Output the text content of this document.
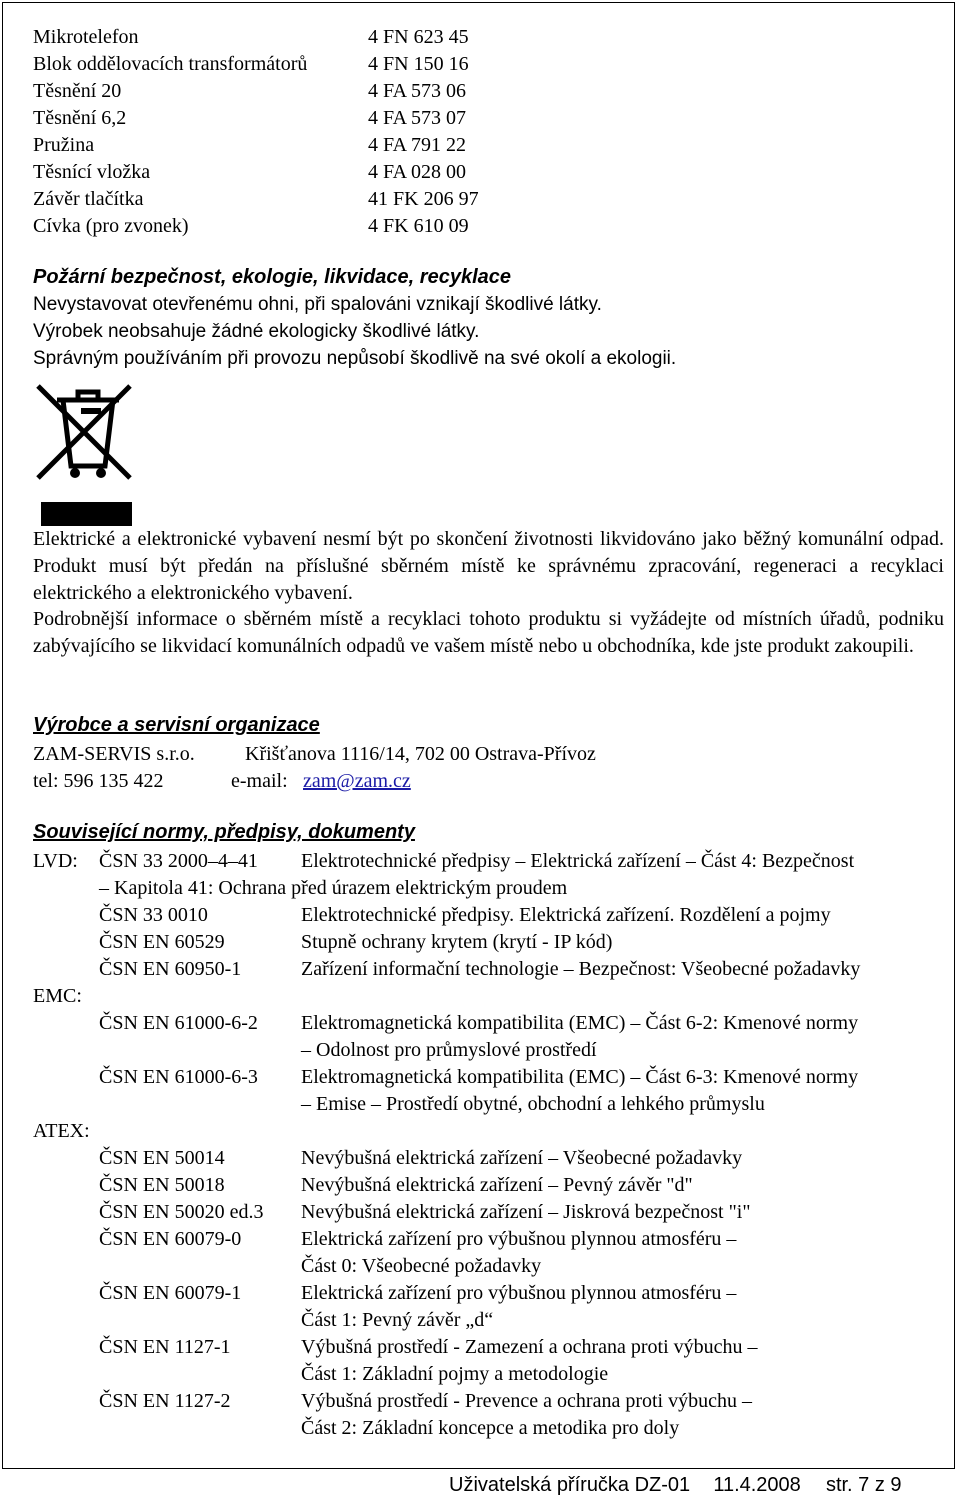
Mikrotelefon	4 FN 623 45
Blok oddělovacích transformátorů	4 FN 150 16
Těsnění 20	4 FA 573 06
Těsnění 6,2	4 FA 573 07
Pružina	4 FA 791 22
Těsnící vložka	4 FA 028 00
Závěr tlačítka	41 FK 206 97
Cívka (pro zvonek)	4 FK 610 09
Požární bezpečnost, ekologie, likvidace, recyklace
Nevystavovat otevřenému ohni, při spalováni vznikají škodlivé látky.
Výrobek neobsahuje žádné ekologicky škodlivé látky.
Správným používáním při provozu nepůsobí škodlivě na své okolí a ekologii.
Elektrické a elektronické vybavení nesmí být po skončení životnosti likvidováno jako běžný komunální odpad. Produkt musí být předán na příslušné sběrném místě ke správnému zpracování, regeneraci a recyklaci elektrického a elektronického vybavení.
Podrobnější informace o sběrném místě a recyklaci tohoto produktu si vyžádejte od místních úřadů, podniku zabývajícího se likvidací komunálních odpadů ve vašem místě nebo u obchodníka, kde jste produkt zakoupili.
Výrobce a servisní organizace
ZAM-SERVIS s.r.o.	Křišťanova 1116/14, 702 00 Ostrava-Přívoz
tel: 596 135 422	e-mail: zam@zam.cz
Související normy, předpisy, dokumenty
LVD: ČSN 33 2000–4–41 Elektrotechnické předpisy – Elektrická zařízení – Část 4: Bezpečnost
– Kapitola 41: Ochrana před úrazem elektrickým proudem
ČSN 33 0010	Elektrotechnické předpisy. Elektrická zařízení. Rozdělení a pojmy
ČSN EN 60529	Stupně ochrany krytem (krytí - IP kód)
ČSN EN 60950-1	Zařízení informační technologie – Bezpečnost: Všeobecné požadavky
EMC:
ČSN EN 61000-6-2 Elektromagnetická kompatibilita (EMC) – Část 6-2: Kmenové normy
– Odolnost pro průmyslové prostředí
ČSN EN 61000-6-3 Elektromagnetická kompatibilita (EMC) – Část 6-3: Kmenové normy
– Emise – Prostředí obytné, obchodní a lehkého průmyslu
ATEX:
ČSN EN 50014	Nevýbušná elektrická zařízení – Všeobecné požadavky
ČSN EN 50018	Nevýbušná elektrická zařízení – Pevný závěr "d"
ČSN EN 50020 ed.3 Nevýbušná elektrická zařízení – Jiskrová bezpečnost "i"
ČSN EN 60079-0	Elektrická zařízení pro výbušnou plynnou atmosféru –
Část 0: Všeobecné požadavky
ČSN EN 60079-1	Elektrická zařízení pro výbušnou plynnou atmosféru –
Část 1: Pevný závěr „d“
ČSN EN 1127-1	Výbušná prostředí - Zamezení a ochrana proti výbuchu –
Část 1: Základní pojmy a metodologie
ČSN EN 1127-2	Výbušná prostředí - Prevence a ochrana proti výbuchu –
Část 2: Základní koncepce a metodika pro doly
Uživatelská příručka DZ-01 11.4.2008 str. 7 z 9
